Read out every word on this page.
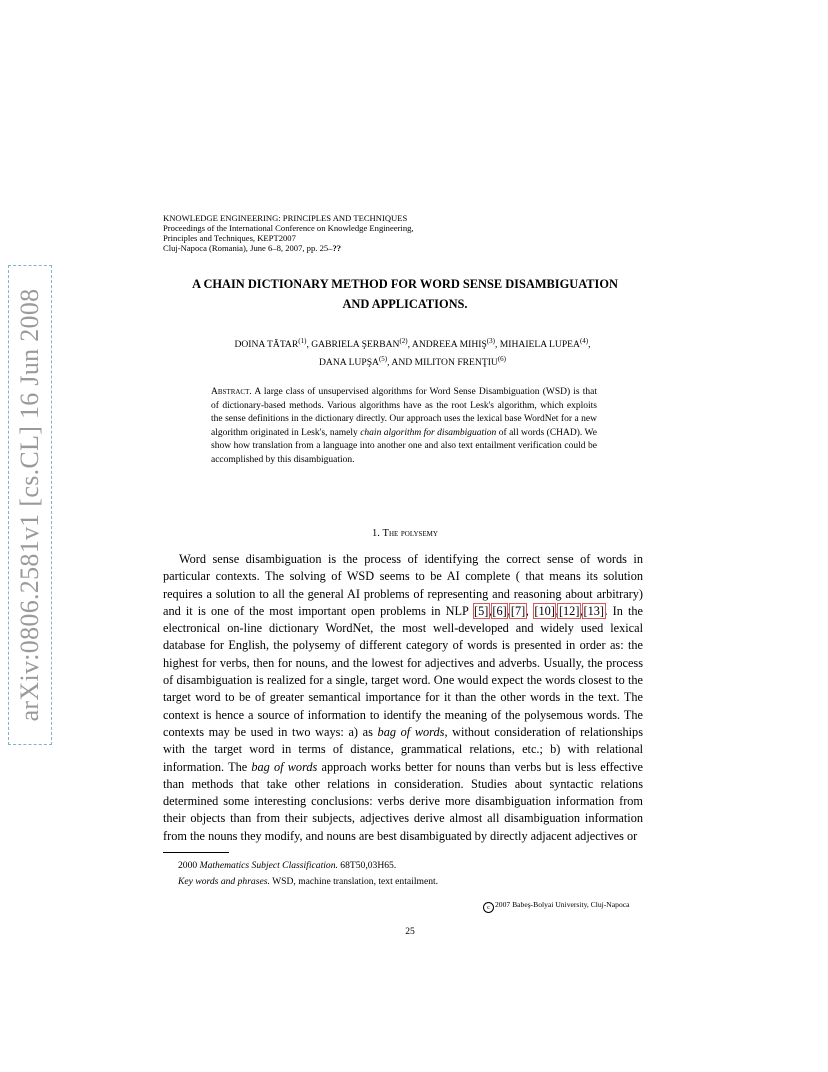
arXiv:0806.2581v1 [cs.CL] 16 Jun 2008
KNOWLEDGE ENGINEERING: PRINCIPLES AND TECHNIQUES
Proceedings of the International Conference on Knowledge Engineering,
Principles and Techniques, KEPT2007
Cluj-Napoca (Romania), June 6–8, 2007, pp. 25–??
A CHAIN DICTIONARY METHOD FOR WORD SENSE DISAMBIGUATION
AND APPLICATIONS.
DOINA TĂTAR$^{(1)}$, GABRIELA ŞERBAN$^{(2)}$, ANDREEA MIHIŞ$^{(3)}$, MIHAIELA LUPEA$^{(4)}$,
DANA LUPŞA$^{(5)}$, AND MILITON FRENŢIU$^{(6)}$
Abstract. A large class of unsupervised algorithms for Word Sense Disambiguation (WSD) is that of dictionary-based methods. Various algorithms have as the root Lesk's algorithm, which exploits the sense definitions in the dictionary directly. Our approach uses the lexical base WordNet for a new algorithm originated in Lesk's, namely chain algorithm for disambiguation of all words (CHAD). We show how translation from a language into another one and also text entailment verification could be accomplished by this disambiguation.
1. The polysemy

Word sense disambiguation is the process of identifying the correct sense of words in particular contexts. The solving of WSD seems to be AI complete ( that means its solution requires a solution to all the general AI problems of representing and reasoning about arbitrary) and it is one of the most important open problems in NLP [5],[6],[7], [10],[12],[13]. In the electronical on-line dictionary WordNet, the most well-developed and widely used lexical database for English, the polysemy of different category of words is presented in order as: the highest for verbs, then for nouns, and the lowest for adjectives and adverbs. Usually, the process of disambiguation is realized for a single, target word. One would expect the words closest to the target word to be of greater semantical importance for it than the other words in the text. The context is hence a source of information to identify the meaning of the polysemous words. The contexts may be used in two ways: a) as bag of words, without consideration of relationships with the target word in terms of distance, grammatical relations, etc.; b) with relational information. The bag of words approach works better for nouns than verbs but is less effective than methods that take other relations in consideration. Studies about syntactic relations determined some interesting conclusions: verbs derive more disambiguation information from their objects than from their subjects, adjectives derive almost all disambiguation information from the nouns they modify, and nouns are best disambiguated by directly adjacent adjectives or

2000 Mathematics Subject Classification. 68T50,03H65.
Key words and phrases. WSD, machine translation, text entailment.
c 2007 Babeş-Bolyai University, Cluj-Napoca
25
